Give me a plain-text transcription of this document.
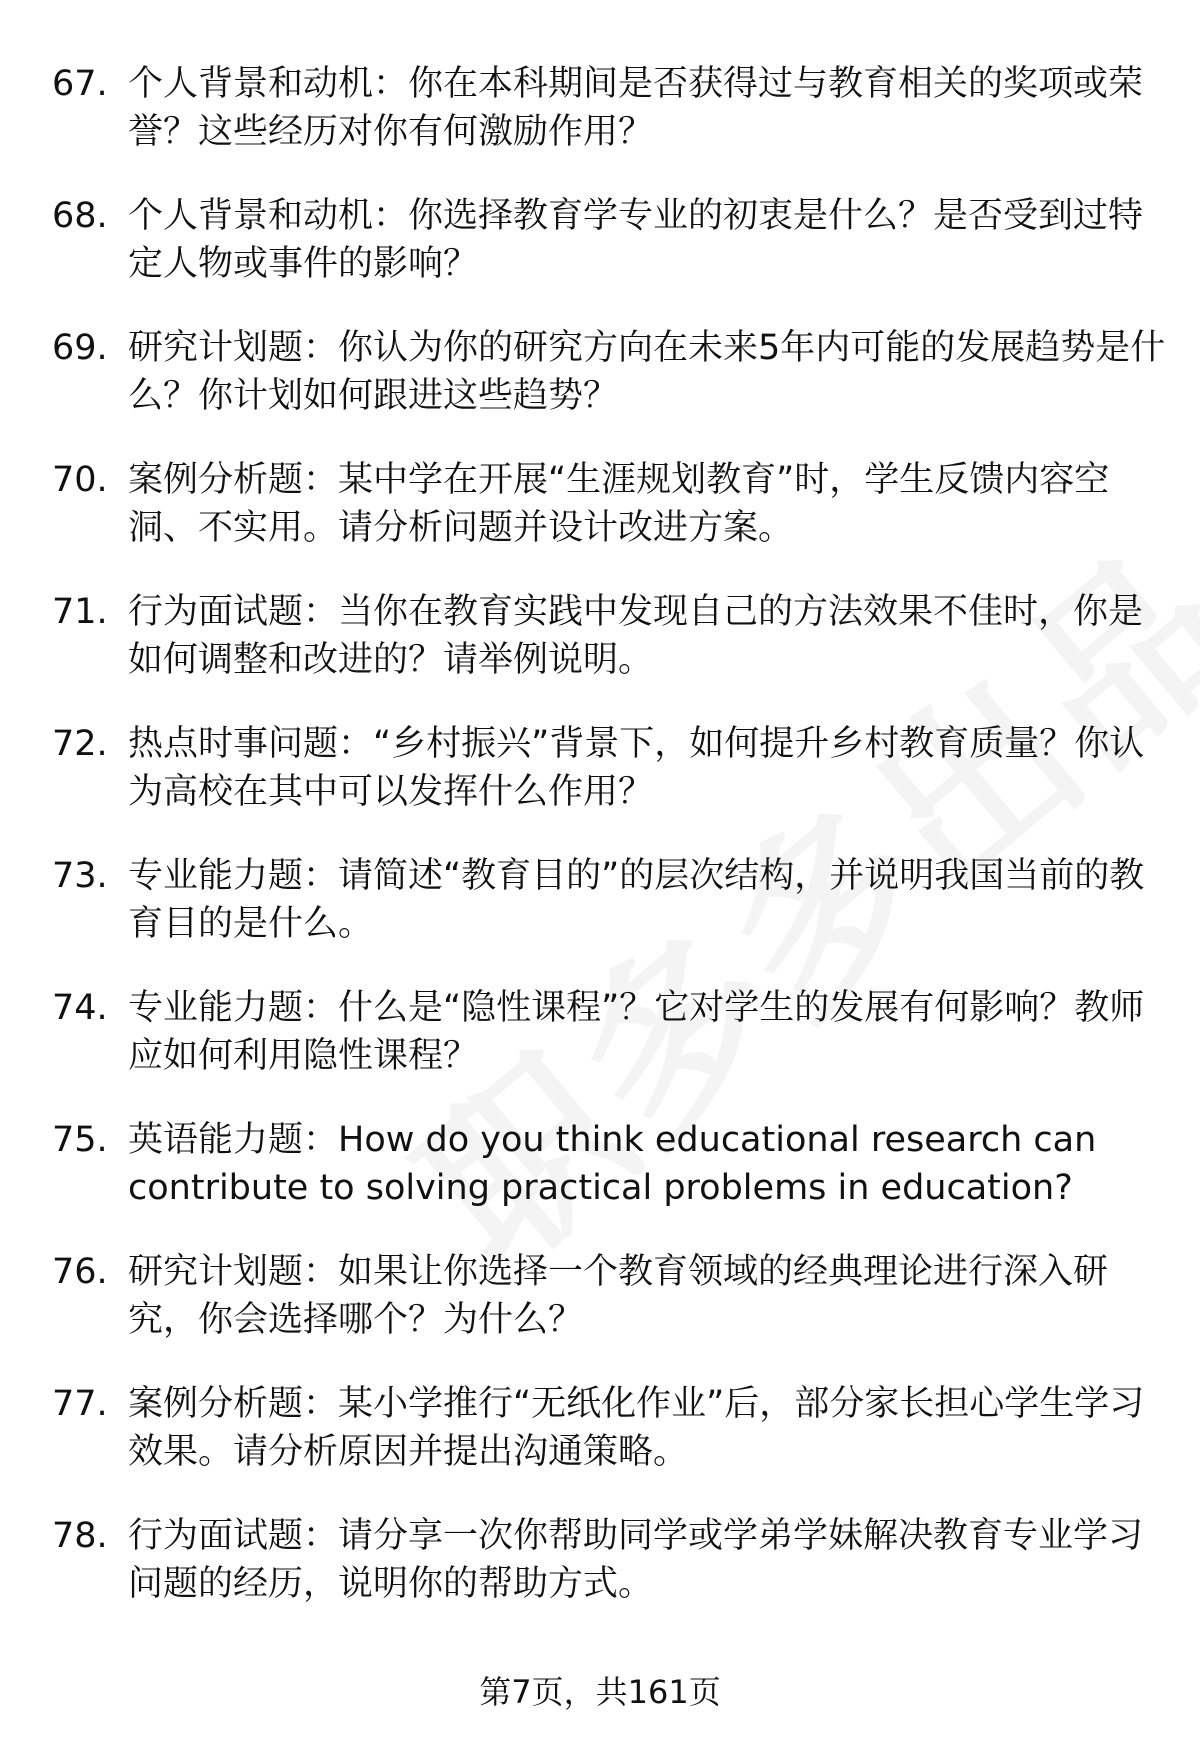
67. 个人背景和动机：你在本科期间是否获得过与教育相关的奖项或荣誉？这些经历对你有何激励作用？
68. 个人背景和动机：你选择教育学专业的初衷是什么？是否受到过特定人物或事件的影响？
69. 研究计划题：你认为你的研究方向在未来5年内可能的发展趋势是什么？你计划如何跟进这些趋势？
70. 案例分析题：某中学在开展“生涯规划教育”时，学生反馈内容空洞、不实用。请分析问题并设计改进方案。
71. 行为面试题：当你在教育实践中发现自己的方法效果不佳时，你是如何调整和改进的？请举例说明。
72. 热点时事问题：“乡村振兴”背景下，如何提升乡村教育质量？你认为高校在其中可以发挥什么作用？
73. 专业能力题：请简述“教育目的”的层次结构，并说明我国当前的教育目的是什么。
74. 专业能力题：什么是“隐性课程”？它对学生的发展有何影响？教师应如何利用隐性课程？
75. 英语能力题：How do you think educational research can contribute to solving practical problems in education?
76. 研究计划题：如果让你选择一个教育领域的经典理论进行深入研究，你会选择哪个？为什么？
77. 案例分析题：某小学推行“无纸化作业”后，部分家长担心学生学习效果。请分析原因并提出沟通策略。
78. 行为面试题：请分享一次你帮助同学或学弟学妹解决教育专业学习问题的经历，说明你的帮助方式。
第7页，共161页
